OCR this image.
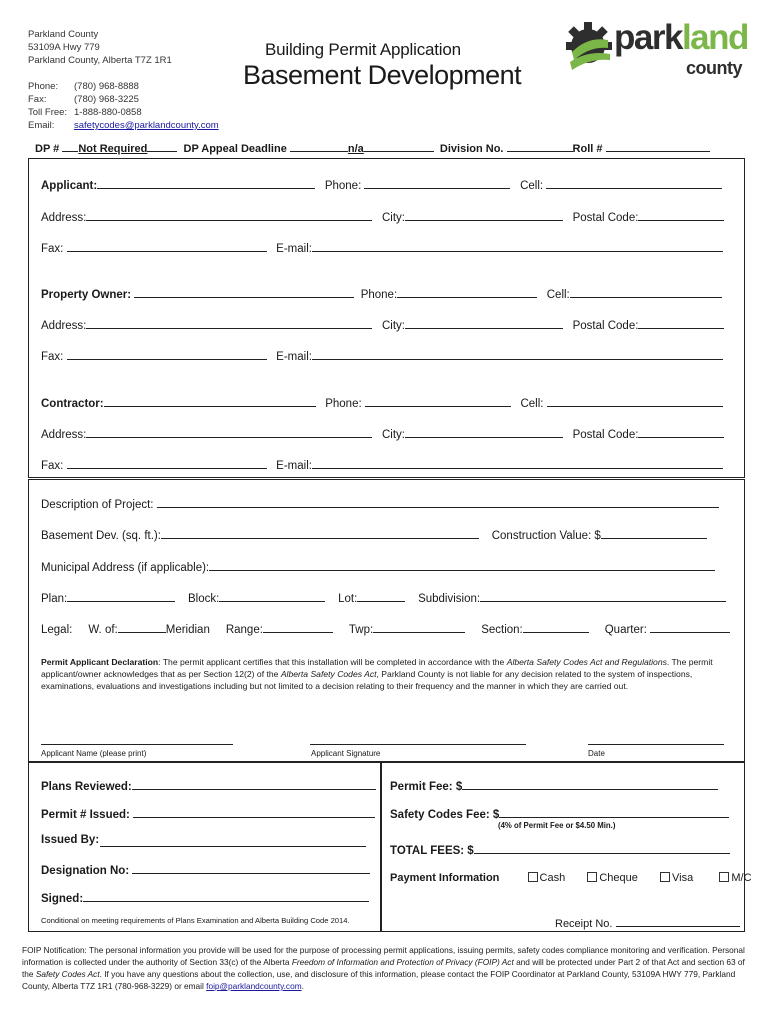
Parkland County
53109A Hwy 779
Parkland County, Alberta T7Z 1R1
Phone: (780) 968-8888
Fax:	(780) 968-3225
Toll Free: 1-888-880-0858
Email: safetycodes@parklandcounty.com
Building Permit Application
Basement Development
parkland
county
DP # Not Required	DP Appeal Deadline	n/a	Division No.	Roll #
Applicant:	Phone:	Cell:
Address:	City:	Postal Code:
Fax:	E-mail:
Property Owner:	Phone:	Cell:
Address:	City:	Postal Code:
Fax:	E-mail:
Contractor:	Phone:	Cell:
Address:	City:	Postal Code:
Fax:	E-mail:
Description of Project:
Basement Dev. (sq. ft.):	Construction Value: $
Municipal Address (if applicable):
Plan:	Block:	Lot:	Subdivision:
Legal: W. of:	Meridian Range:	Twp:	Section:	Quarter:
Permit Applicant Declaration: The permit applicant certifies that this installation will be completed in accordance with the Alberta Safety Codes Act and Regulations. The permit applicant/owner acknowledges that as per Section 12(2) of the Alberta Safety Codes Act, Parkland County is not liable for any decision related to the system of inspections, examinations, evaluations and investigations including but not limited to a decision relating to their frequency and the manner in which they are carried out.
Applicant Name (please print)	Applicant Signature	Date
Plans Reviewed:
Permit # Issued:
Issued By:
Designation No:
Signed:
Conditional on meeting requirements of Plans Examination and Alberta Building Code 2014.
Permit Fee: $
Safety Codes Fee: $
(4% of Permit Fee or $4.50 Min.)
TOTAL FEES: $
Payment Information	Cash	Cheque	Visa	M/C
Receipt No.
FOIP Notification: The personal information you provide will be used for the purpose of processing permit applications, issuing permits, safety codes compliance monitoring and verification. Personal information is collected under the authority of Section 33(c) of the Alberta Freedom of Information and Protection of Privacy (FOIP) Act and will be protected under Part 2 of that Act and section 63 of the Safety Codes Act. If you have any questions about the collection, use, and disclosure of this information, please contact the FOIP Coordinator at Parkland County, 53109A HWY 779, Parkland County, Alberta T7Z 1R1 (780-968-3229) or email foip@parklandcounty.com.
